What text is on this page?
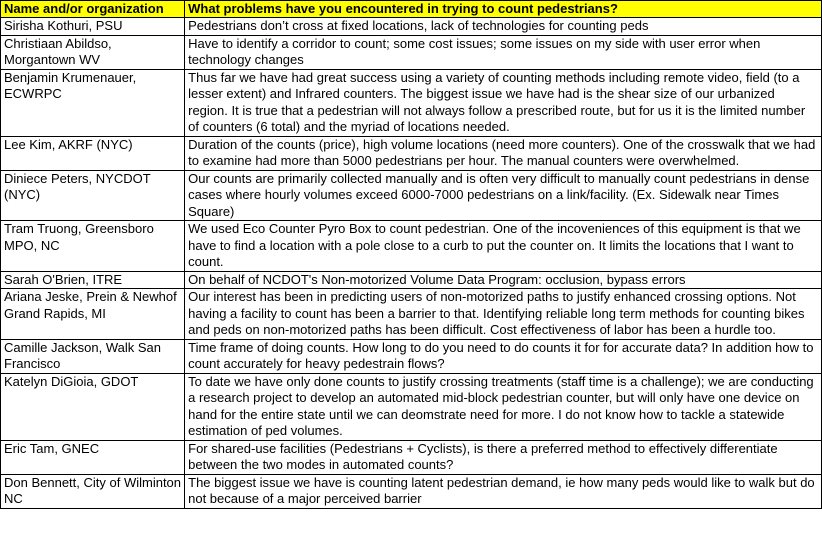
Name and/or organization	What problems have you encountered in trying to count pedestrians?
Sirisha Kothuri, PSU	Pedestrians don’t cross at fixed locations, lack of technologies for counting peds
Christiaan Abildso, Morgantown WV	Have to identify a corridor to count; some cost issues; some issues on my side with user error when technology changes
Benjamin Krumenauer, ECWRPC	Thus far we have had great success using a variety of counting methods including remote video, field (to a lesser extent) and Infrared counters. The biggest issue we have had is the shear size of our urbanized region. It is true that a pedestrian will not always follow a prescribed route, but for us it is the limited number of counters (6 total) and the myriad of locations needed.
Lee Kim, AKRF (NYC)	Duration of the counts (price), high volume locations (need more counters). One of the crosswalk that we had to examine had more than 5000 pedestrians per hour. The manual counters were overwhelmed.
Diniece Peters, NYCDOT (NYC)	Our counts are primarily collected manually and is often very difficult to manually count pedestrians in dense cases where hourly volumes exceed 6000-7000 pedestrians on a link/facility. (Ex. Sidewalk near Times Square)
Tram Truong, Greensboro MPO, NC	We used Eco Counter Pyro Box to count pedestrian. One of the incoveniences of this equipment is that we have to find a location with a pole close to a curb to put the counter on. It limits the locations that I want to count.
Sarah O'Brien, ITRE	On behalf of NCDOT's Non-motorized Volume Data Program: occlusion, bypass errors
Ariana Jeske, Prein & Newhof Grand Rapids, MI	Our interest has been in predicting users of non-motorized paths to justify enhanced crossing options. Not having a facility to count has been a barrier to that. Identifying reliable long term methods for counting bikes and peds on non-motorized paths has been difficult. Cost effectiveness of labor has been a hurdle too.
Camille Jackson, Walk San Francisco	Time frame of doing counts. How long to do you need to do counts it for for accurate data? In addition how to count accurately for heavy pedestrain flows?
Katelyn DiGioia, GDOT	To date we have only done counts to justify crossing treatments (staff time is a challenge); we are conducting a research project to develop an automated mid-block pedestrian counter, but will only have one device on hand for the entire state until we can deomstrate need for more. I do not know how to tackle a statewide estimation of ped volumes.
Eric Tam, GNEC	For shared-use facilities (Pedestrians + Cyclists), is there a preferred method to effectively differentiate between the two modes in automated counts?
Don Bennett, City of Wilminton NC	The biggest issue we have is counting latent pedestrian demand, ie how many peds would like to walk but do not because of a major perceived barrier
